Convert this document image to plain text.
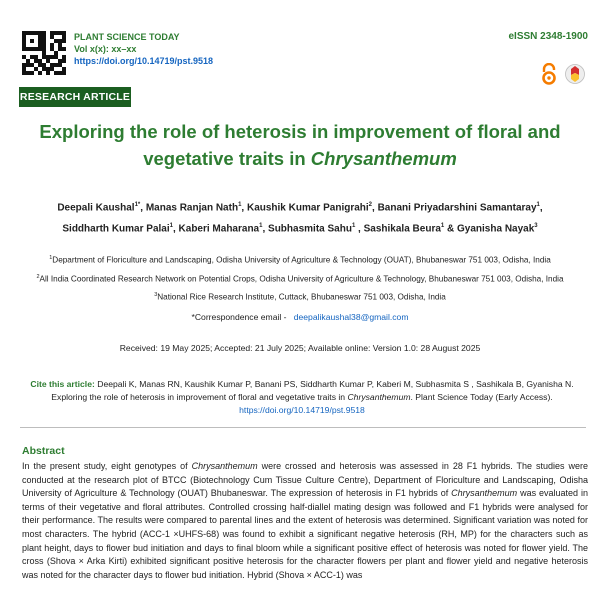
PLANT SCIENCE TODAY
Vol x(x): xx–xx
https://doi.org/10.14719/pst.9518
eISSN 2348-1900
RESEARCH ARTICLE
Exploring the role of heterosis in improvement of floral and vegetative traits in Chrysanthemum
Deepali Kaushal$^{1*}$, Manas Ranjan Nath$^1$, Kaushik Kumar Panigrahi$^2$, Banani Priyadarshini Samantaray$^1$,
Siddharth Kumar Palai$^1$, Kaberi Maharana$^1$, Subhasmita Sahu$^1$ , Sashikala Beura$^1$ & Gyanisha Nayak$^3$
$^1$Department of Floriculture and Landscaping, Odisha University of Agriculture & Technology (OUAT), Bhubaneswar 751 003, Odisha, India
$^2$All India Coordinated Research Network on Potential Crops, Odisha University of Agriculture & Technology, Bhubaneswar 751 003, Odisha, India
$^3$National Rice Research Institute, Cuttack, Bhubaneswar 751 003, Odisha, India
*Correspondence email - deepalikaushal38@gmail.com
Received: 19 May 2025; Accepted: 21 July 2025; Available online: Version 1.0: 28 August 2025
Cite this article: Deepali K, Manas RN, Kaushik Kumar P, Banani PS, Siddharth Kumar P, Kaberi M, Subhasmita S , Sashikala B, Gyanisha N. Exploring the role of heterosis in improvement of floral and vegetative traits in Chrysanthemum. Plant Science Today (Early Access). https://doi.org/10.14719/pst.9518
Abstract
In the present study, eight genotypes of Chrysanthemum were crossed and heterosis was assessed in 28 F1 hybrids. The studies were conducted at the research plot of BTCC (Biotechnology Cum Tissue Culture Centre), Department of Floriculture and Landscaping, Odisha University of Agriculture & Technology (OUAT) Bhubaneswar. The expression of heterosis in F1 hybrids of Chrysanthemum was evaluated in terms of their vegetative and floral attributes. Controlled crossing half-diallel mating design was followed and F1 hybrids were analysed for their performance. The results were compared to parental lines and the extent of heterosis was determined. Significant variation was noted for most characters. The hybrid (ACC-1 ×UHFS-68) was found to exhibit a significant negative heterosis (RH, MP) for the characters such as plant height, days to flower bud initiation and days to final bloom while a significant positive effect of heterosis was noted for flower yield. The cross (Shova × Arka Kirti) exhibited significant positive heterosis for the character flowers per plant and flower yield and negative heterosis was noted for the character days to flower bud initiation. Hybrid (Shova × ACC-1) was
